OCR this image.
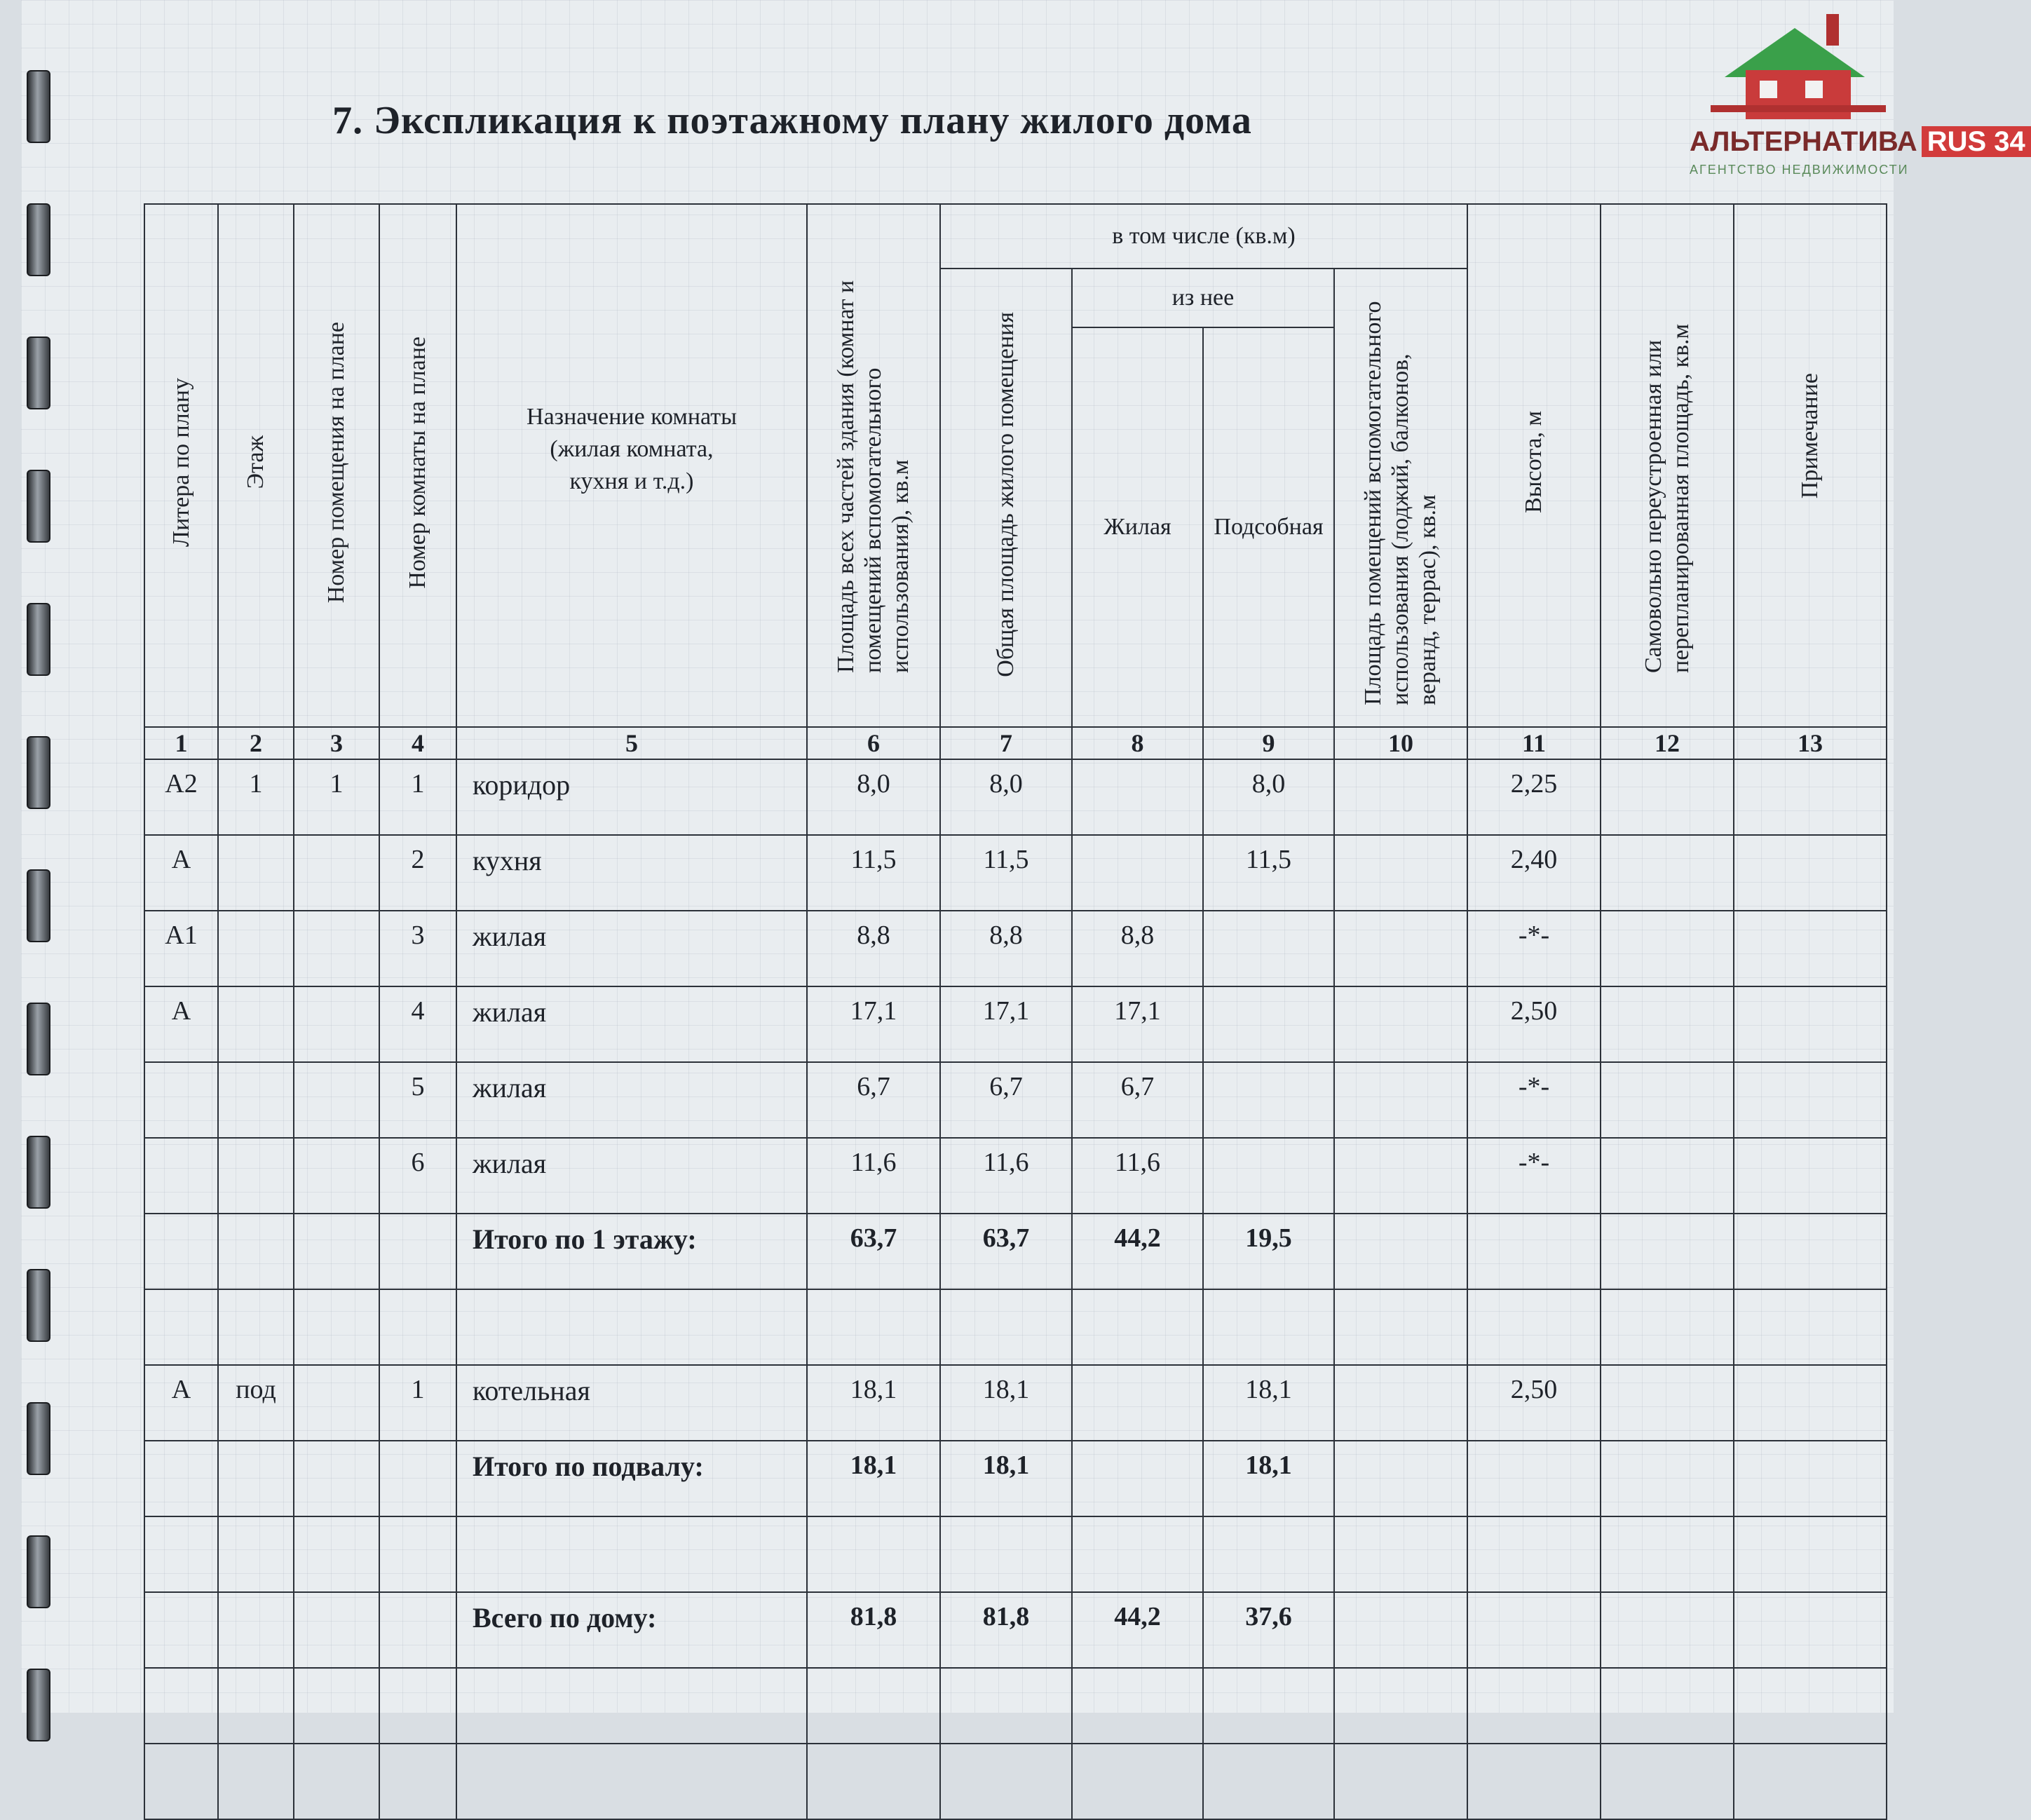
7. Экспликация к поэтажному плану жилого дома	АЛЬТЕРНАТИВА RUS 34
АГЕНТСТВО НЕДВИЖИМОСТИ
Литера по плану	Этаж	Номер помещения на плане	Номер комнаты на плане	Назначение комнаты (жилая комната, кухня и т.д.)	Площадь всех частей здания (комнат и помещений вспомогательного использования), кв.м	в том числе (кв.м)				Высота, м	Самовольно переустроенная или перепланированная площадь, кв.м	Примечание
						Общая площадь жилого помещения	из нее		Площадь помещений вспомогательного использования (лоджий, балконов, веранд, террас), кв.м			
							Жилая	Подсобная				
1	2	3	4	5	6	7	8	9	10	11	12	13
А2	1	1	1	коридор	8,0	8,0		8,0		2,25		
А			2	кухня	11,5	11,5		11,5		2,40		
А1			3	жилая	8,8	8,8	8,8			-*-		
А			4	жилая	17,1	17,1	17,1			2,50		
			5	жилая	6,7	6,7	6,7			-*-		
			6	жилая	11,6	11,6	11,6			-*-		
				Итого по 1 этажу:	63,7	63,7	44,2	19,5				

А	под		1	котельная	18,1	18,1		18,1		2,50		
				Итого по подвалу:	18,1	18,1		18,1				

				Всего по дому:	81,8	81,8	44,2	37,6				
